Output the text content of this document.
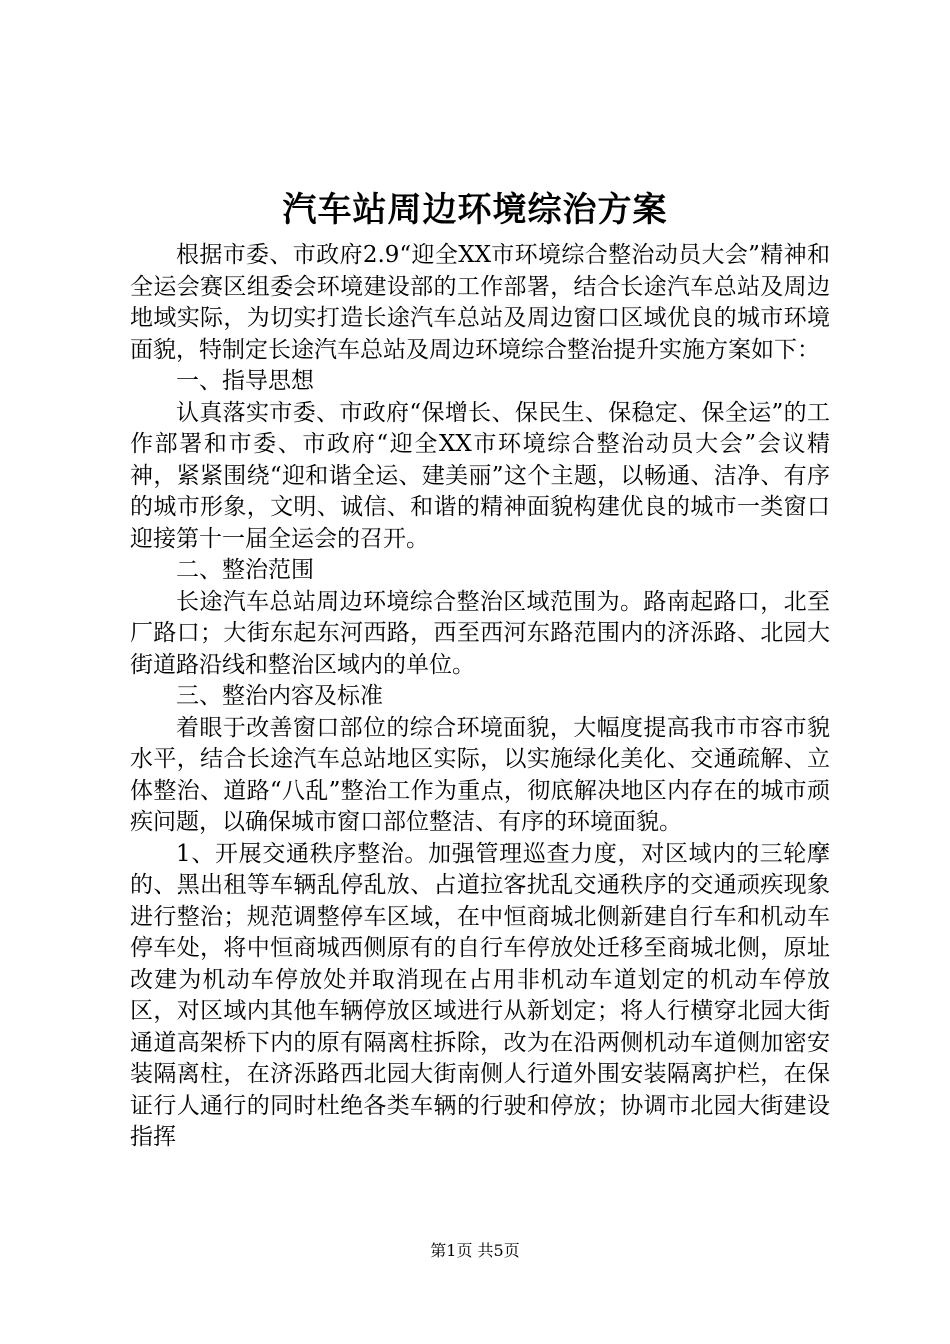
汽车站周边环境综治方案

根据市委、市政府2.9“迎全XX市环境综合整治动员大会”精神和全运会赛区组委会环境建设部的工作部署，结合长途汽车总站及周边地域实际，为切实打造长途汽车总站及周边窗口区域优良的城市环境面貌，特制定长途汽车总站及周边环境综合整治提升实施方案如下：

一、指导思想

认真落实市委、市政府“保增长、保民生、保稳定、保全运”的工作部署和市委、市政府“迎全XX市环境综合整治动员大会”会议精神，紧紧围绕“迎和谐全运、建美丽”这个主题，以畅通、洁净、有序的城市形象，文明、诚信、和谐的精神面貌构建优良的城市一类窗口迎接第十一届全运会的召开。

二、整治范围

长途汽车总站周边环境综合整治区域范围为。路南起路口，北至厂路口；大街东起东河西路，西至西河东路范围内的济泺路、北园大街道路沿线和整治区域内的单位。

三、整治内容及标准

着眼于改善窗口部位的综合环境面貌，大幅度提高我市市容市貌水平，结合长途汽车总站地区实际，以实施绿化美化、交通疏解、立体整治、道路“八乱”整治工作为重点，彻底解决地区内存在的城市顽疾问题，以确保城市窗口部位整洁、有序的环境面貌。

1、开展交通秩序整治。加强管理巡查力度，对区域内的三轮摩的、黑出租等车辆乱停乱放、占道拉客扰乱交通秩序的交通顽疾现象进行整治；规范调整停车区域，在中恒商城北侧新建自行车和机动车停车处，将中恒商城西侧原有的自行车停放处迁移至商城北侧，原址改建为机动车停放处并取消现在占用非机动车道划定的机动车停放区，对区域内其他车辆停放区域进行从新划定；将人行横穿北园大街通道高架桥下内的原有隔离柱拆除，改为在沿两侧机动车道侧加密安装隔离柱，在济泺路西北园大街南侧人行道外围安装隔离护栏，在保证行人通行的同时杜绝各类车辆的行驶和停放；协调市北园大街建设指挥

第1页 共5页
